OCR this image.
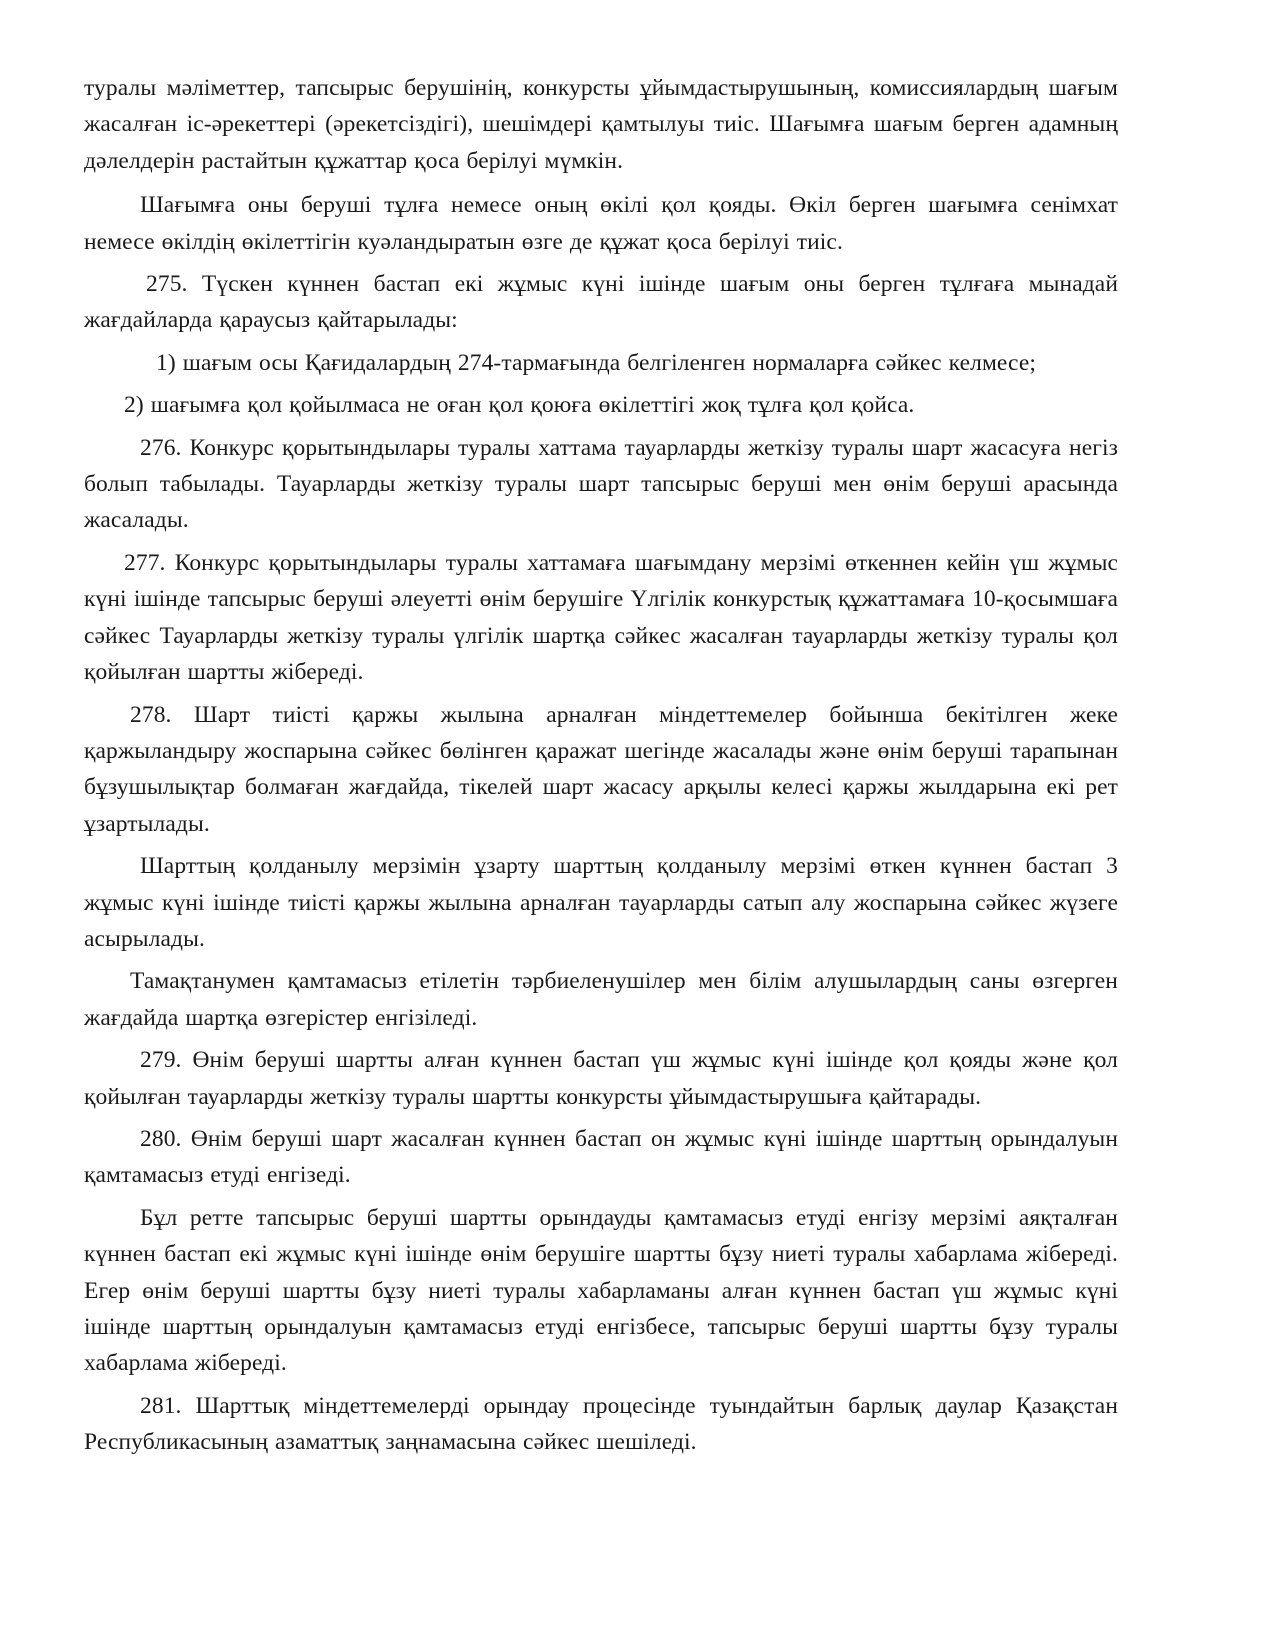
туралы мәліметтер, тапсырыс берушінің, конкурсты ұйымдастырушының, комиссиялардың шағым жасалған іс-әрекеттері (әрекетсіздігі), шешімдері қамтылуы тиіс. Шағымға шағым берген адамның дәлелдерін растайтын құжаттар қоса берілуі мүмкін.

Шағымға оны беруші тұлға немесе оның өкілі қол қояды. Өкіл берген шағымға сенімхат немесе өкілдің өкілеттігін куәландыратын өзге де құжат қоса берілуі тиіс.

275. Түскен күннен бастап екі жұмыс күні ішінде шағым оны берген тұлғаға мынадай жағдайларда қараусыз қайтарылады:

1) шағым осы Қағидалардың 274-тармағында белгіленген нормаларға сәйкес келмесе;

2) шағымға қол қойылмаса не оған қол қоюға өкілеттігі жоқ тұлға қол қойса.

276. Конкурс қорытындылары туралы хаттама тауарларды жеткізу туралы шарт жасасуға негіз болып табылады. Тауарларды жеткізу туралы шарт тапсырыс беруші мен өнім беруші арасында жасалады.

277. Конкурс қорытындылары туралы хаттамаға шағымдану мерзімі өткеннен кейін үш жұмыс күні ішінде тапсырыс беруші әлеуетті өнім берушіге Үлгілік конкурстық құжаттамаға 10-қосымшаға сәйкес Тауарларды жеткізу туралы үлгілік шартқа сәйкес жасалған тауарларды жеткізу туралы қол қойылған шартты жібереді.

278. Шарт тиісті қаржы жылына арналған міндеттемелер бойынша бекітілген жеке қаржыландыру жоспарына сәйкес бөлінген қаражат шегінде жасалады және өнім беруші тарапынан бұзушылықтар болмаған жағдайда, тікелей шарт жасасу арқылы келесі қаржы жылдарына екі рет ұзартылады.

Шарттың қолданылу мерзімін ұзарту шарттың қолданылу мерзімі өткен күннен бастап 3 жұмыс күні ішінде тиісті қаржы жылына арналған тауарларды сатып алу жоспарына сәйкес жүзеге асырылады.

Тамақтанумен қамтамасыз етілетін тәрбиеленушілер мен білім алушылардың саны өзгерген жағдайда шартқа өзгерістер енгізіледі.

279. Өнім беруші шартты алған күннен бастап үш жұмыс күні ішінде қол қояды және қол қойылған тауарларды жеткізу туралы шартты конкурсты ұйымдастырушыға қайтарады.

280. Өнім беруші шарт жасалған күннен бастап он жұмыс күні ішінде шарттың орындалуын қамтамасыз етуді енгізеді.

Бұл ретте тапсырыс беруші шартты орындауды қамтамасыз етуді енгізу мерзімі аяқталған күннен бастап екі жұмыс күні ішінде өнім берушіге шартты бұзу ниеті туралы хабарлама жібереді. Егер өнім беруші шартты бұзу ниеті туралы хабарламаны алған күннен бастап үш жұмыс күні ішінде шарттың орындалуын қамтамасыз етуді енгізбесе, тапсырыс беруші шартты бұзу туралы хабарлама жібереді.

281. Шарттық міндеттемелерді орындау процесінде туындайтын барлық даулар Қазақстан Республикасының азаматтық заңнамасына сәйкес шешіледі.
